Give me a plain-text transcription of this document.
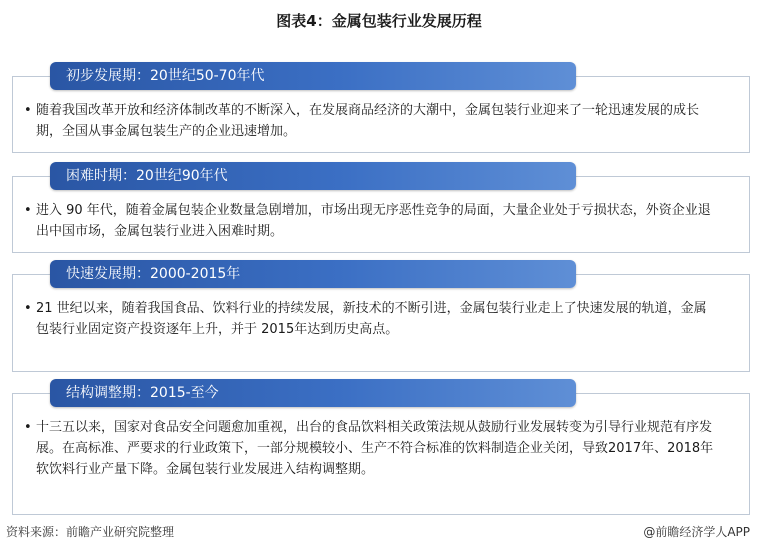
图表4：金属包装行业发展历程
初步发展期：20世纪50-70年代
• 随着我国改革开放和经济体制改革的不断深入，在发展商品经济的大潮中，金属包装行业迎来了一轮迅速发展的成长期，全国从事金属包装生产的企业迅速增加。
困难时期：20世纪90年代
• 进入 90 年代，随着金属包装企业数量急剧增加，市场出现无序恶性竞争的局面，大量企业处于亏损状态，外资企业退出中国市场，金属包装行业进入困难时期。
快速发展期：2000-2015年
• 21 世纪以来，随着我国食品、饮料行业的持续发展，新技术的不断引进，金属包装行业走上了快速发展的轨道，金属包装行业固定资产投资逐年上升，并于 2015年达到历史高点。
结构调整期：2015-至今
• 十三五以来，国家对食品安全问题愈加重视，出台的食品饮料相关政策法规从鼓励行业发展转变为引导行业规范有序发展。在高标准、严要求的行业政策下，一部分规模较小、生产不符合标准的饮料制造企业关闭，导致2017年、2018年软饮料行业产量下降。金属包装行业发展进入结构调整期。
资料来源：前瞻产业研究院整理	@前瞻经济学人APP
